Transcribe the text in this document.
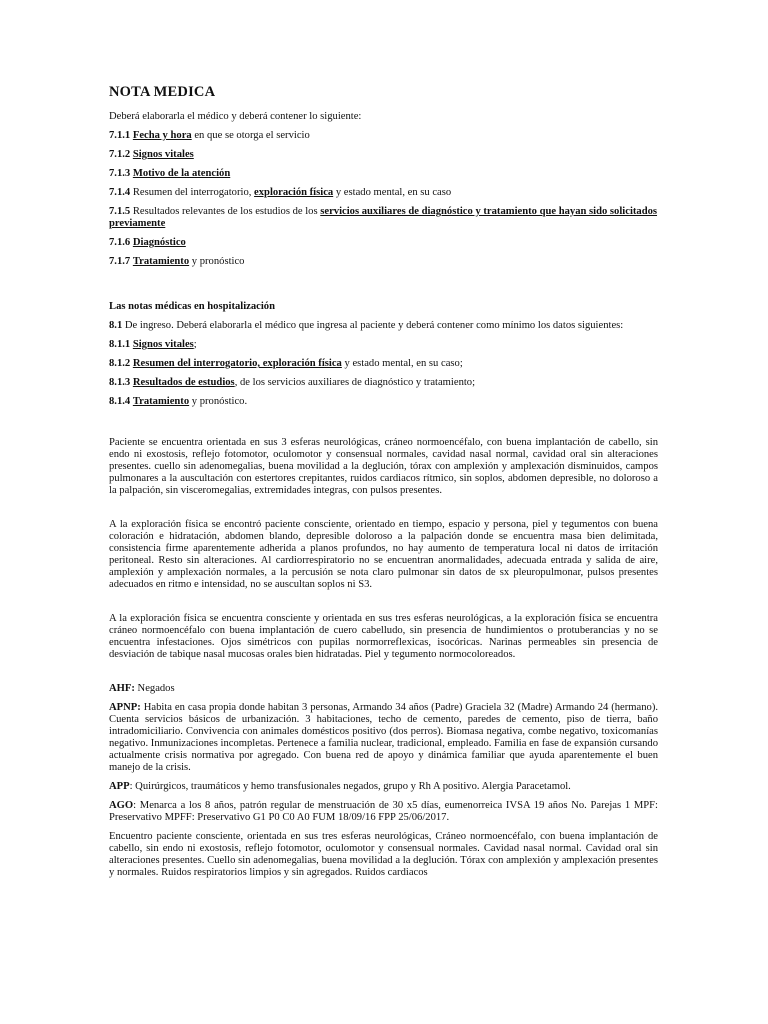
NOTA MEDICA

Deberá elaborarla el médico y deberá contener lo siguiente:

7.1.1 Fecha y hora en que se otorga el servicio

7.1.2 Signos vitales

7.1.3 Motivo de la atención

7.1.4 Resumen del interrogatorio, exploración física y estado mental, en su caso

7.1.5 Resultados relevantes de los estudios de los servicios auxiliares de diagnóstico y tratamiento que hayan sido solicitados previamente

7.1.6 Diagnóstico

7.1.7 Tratamiento y pronóstico

Las notas médicas en hospitalización

8.1 De ingreso. Deberá elaborarla el médico que ingresa al paciente y deberá contener como mínimo los datos siguientes:

8.1.1 Signos vitales;

8.1.2 Resumen del interrogatorio, exploración física y estado mental, en su caso;

8.1.3 Resultados de estudios, de los servicios auxiliares de diagnóstico y tratamiento;

8.1.4 Tratamiento y pronóstico.

Paciente se encuentra orientada en sus 3 esferas neurológicas, cráneo normoencéfalo, con buena implantación de cabello, sin endo ni exostosis, reflejo fotomotor, oculomotor y consensual normales, cavidad nasal normal, cavidad oral sin alteraciones presentes. cuello sin adenomegalias, buena movilidad a la deglución, tórax con amplexión y amplexación disminuidos, campos pulmonares a la auscultación con estertores crepitantes, ruidos cardiacos rítmico, sin soplos, abdomen depresible, no doloroso a la palpación, sin visceromegalias, extremidades integras, con pulsos presentes.

A la exploración física se encontró paciente consciente, orientado en tiempo, espacio y persona, piel y tegumentos con buena coloración e hidratación, abdomen blando, depresible doloroso a la palpación donde se encuentra masa bien delimitada, consistencia firme aparentemente adherida a planos profundos, no hay aumento de temperatura local ni datos de irritación peritoneal. Resto sin alteraciones. Al cardiorrespiratorio no se encuentran anormalidades, adecuada entrada y salida de aire, amplexión y amplexación normales, a la percusión se nota claro pulmonar sin datos de sx pleuropulmonar, pulsos presentes adecuados en ritmo e intensidad, no se auscultan soplos ni S3.

A la exploración física se encuentra consciente y orientada en sus tres esferas neurológicas, a la exploración física se encuentra cráneo normoencéfalo con buena implantación de cuero cabelludo, sin presencia de hundimientos o protuberancias y no se encuentra infestaciones. Ojos simétricos con pupilas normorreflexicas, isocóricas. Narinas permeables sin presencia de desviación de tabique nasal mucosas orales bien hidratadas. Piel y tegumento normocoloreados.

AHF: Negados

APNP: Habita en casa propia donde habitan 3 personas, Armando 34 años (Padre) Graciela 32 (Madre) Armando 24 (hermano). Cuenta servicios básicos de urbanización. 3 habitaciones, techo de cemento, paredes de cemento, piso de tierra, baño intradomiciliario. Convivencia con animales domésticos positivo (dos perros). Biomasa negativa, combe negativo, toxicomanías negativo. Inmunizaciones incompletas. Pertenece a familia nuclear, tradicional, empleado. Familia en fase de expansión cursando actualmente crisis normativa por agregado. Con buena red de apoyo y dinámica familiar que ayuda aparentemente el buen manejo de la crisis.

APP: Quirúrgicos, traumáticos y hemo transfusionales negados, grupo y Rh A positivo. Alergia Paracetamol.

AGO: Menarca a los 8 años, patrón regular de menstruación de 30 x5 días, eumenorreica IVSA 19 años No. Parejas 1 MPF: Preservativo MPFF: Preservativo G1 P0 C0 A0 FUM 18/09/16 FPP 25/06/2017.

Encuentro paciente consciente, orientada en sus tres esferas neurológicas, Cráneo normoencéfalo, con buena implantación de cabello, sin endo ni exostosis, reflejo fotomotor, oculomotor y consensual normales. Cavidad nasal normal. Cavidad oral sin alteraciones presentes. Cuello sin adenomegalias, buena movilidad a la deglución. Tórax con amplexión y amplexación presentes y normales. Ruidos respiratorios limpios y sin agregados. Ruidos cardiacos
